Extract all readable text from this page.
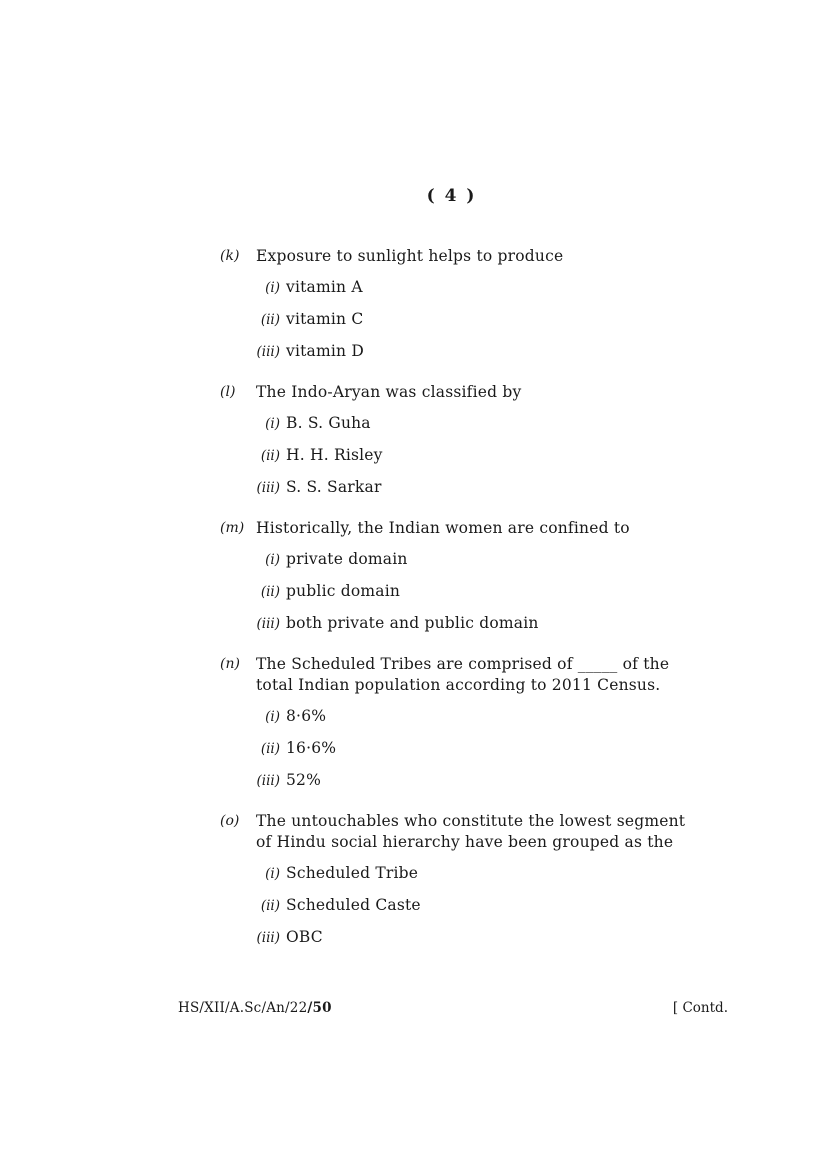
( 4 )
(k)	Exposure to sunlight helps to produce
(i) vitamin A
(ii) vitamin C
(iii) vitamin D
(l)	The Indo-Aryan was classified by
(i) B. S. Guha
(ii) H. H. Risley
(iii) S. S. Sarkar
(m) Historically, the Indian women are confined to
(i) private domain
(ii) public domain
(iii) both private and public domain
(n)	The Scheduled Tribes are comprised of _____ of the total Indian population according to 2011 Census.
(i) 8·6%
(ii) 16·6%
(iii) 52%
(o)	The untouchables who constitute the lowest segment of Hindu social hierarchy have been grouped as the
(i) Scheduled Tribe
(ii) Scheduled Caste
(iii) OBC
HS/XII/A.Sc/An/22/50	[ Contd.
